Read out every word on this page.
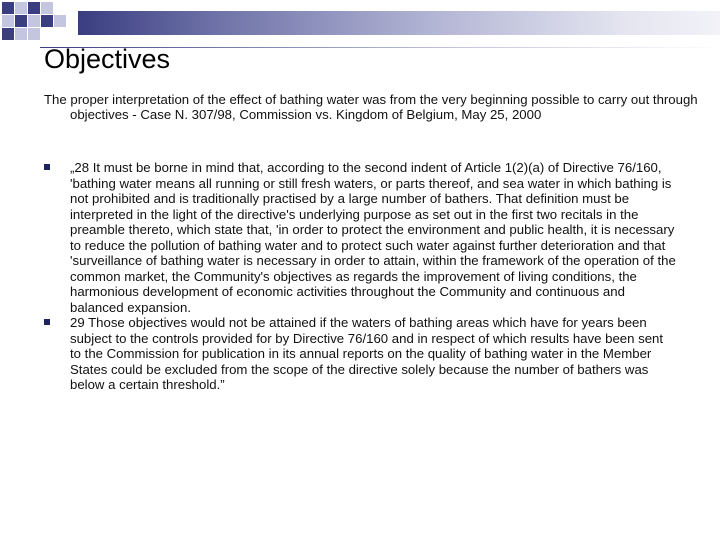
Objectives

The proper interpretation of the effect of bathing water was from the very beginning possible to carry out through objectives - Case N. 307/98, Commission vs. Kingdom of Belgium, May 25, 2000

„28 It must be borne in mind that, according to the second indent of Article 1(2)(a) of Directive 76/160, 'bathing water means all running or still fresh waters, or parts thereof, and sea water in which bathing is not prohibited and is traditionally practised by a large number of bathers. That definition must be interpreted in the light of the directive's underlying purpose as set out in the first two recitals in the preamble thereto, which state that, 'in order to protect the environment and public health, it is necessary to reduce the pollution of bathing water and to protect such water against further deterioration and that 'surveillance of bathing water is necessary in order to attain, within the framework of the operation of the common market, the Community's objectives as regards the improvement of living conditions, the harmonious development of economic activities throughout the Community and continuous and balanced expansion.
29 Those objectives would not be attained if the waters of bathing areas which have for years been subject to the controls provided for by Directive 76/160 and in respect of which results have been sent to the Commission for publication in its annual reports on the quality of bathing water in the Member States could be excluded from the scope of the directive solely because the number of bathers was below a certain threshold.”
